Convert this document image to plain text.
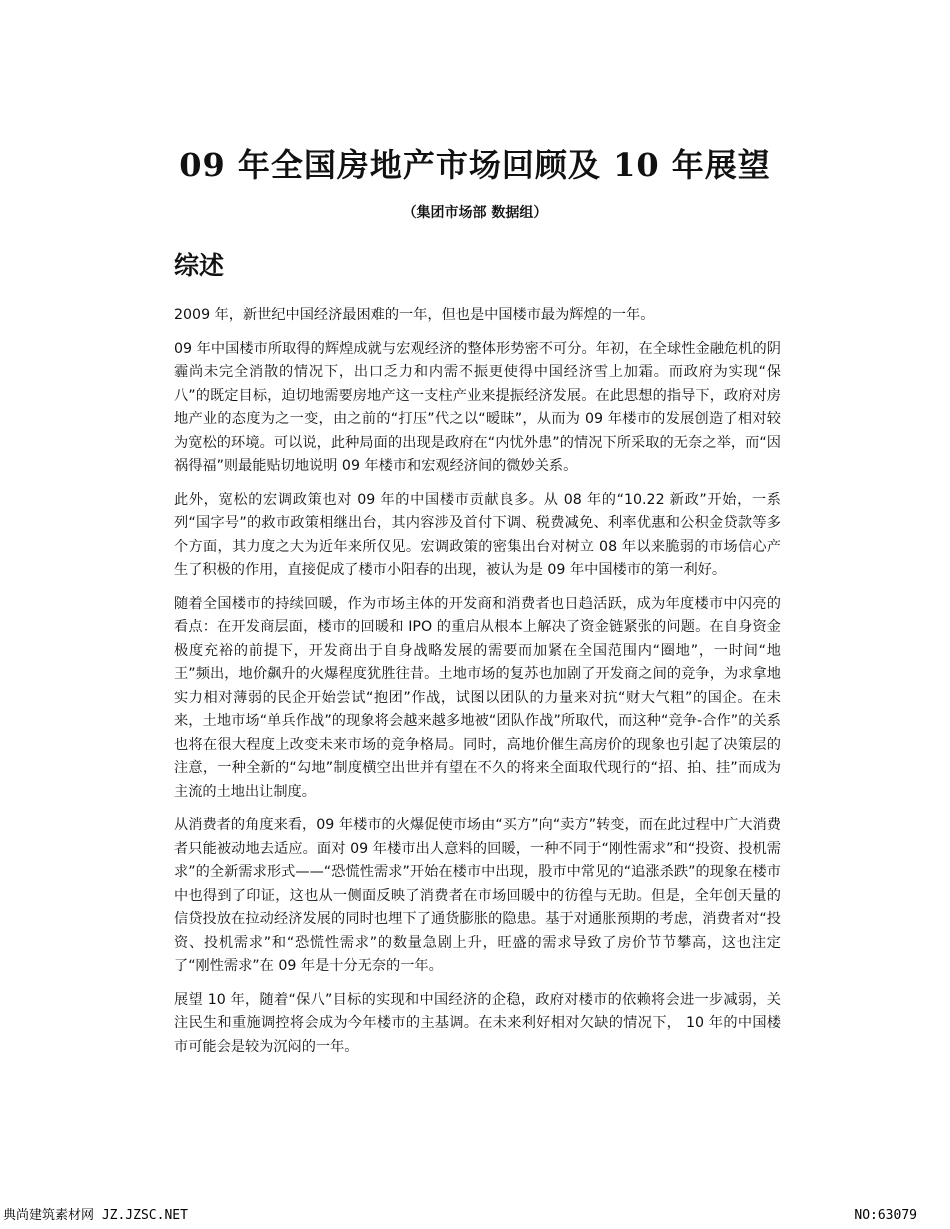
09 年全国房地产市场回顾及 10 年展望
（集团市场部 数据组）
综述

2009 年，新世纪中国经济最困难的一年，但也是中国楼市最为辉煌的一年。

09 年中国楼市所取得的辉煌成就与宏观经济的整体形势密不可分。年初，在全球性金融危机的阴霾尚未完全消散的情况下，出口乏力和内需不振更使得中国经济雪上加霜。而政府为实现“保八”的既定目标，迫切地需要房地产这一支柱产业来提振经济发展。在此思想的指导下，政府对房地产业的态度为之一变，由之前的“打压”代之以“暧昧”，从而为 09 年楼市的发展创造了相对较为宽松的环境。可以说，此种局面的出现是政府在“内忧外患”的情况下所采取的无奈之举，而“因祸得福”则最能贴切地说明 09 年楼市和宏观经济间的微妙关系。

此外，宽松的宏调政策也对 09 年的中国楼市贡献良多。从 08 年的“10.22 新政”开始，一系列“国字号”的救市政策相继出台，其内容涉及首付下调、税费减免、利率优惠和公积金贷款等多个方面，其力度之大为近年来所仅见。宏调政策的密集出台对树立 08 年以来脆弱的市场信心产生了积极的作用，直接促成了楼市小阳春的出现，被认为是 09 年中国楼市的第一利好。

随着全国楼市的持续回暖，作为市场主体的开发商和消费者也日趋活跃，成为年度楼市中闪亮的看点：在开发商层面，楼市的回暖和 IPO 的重启从根本上解决了资金链紧张的问题。在自身资金极度充裕的前提下，开发商出于自身战略发展的需要而加紧在全国范围内“圈地”，一时间“地王”频出，地价飙升的火爆程度犹胜往昔。土地市场的复苏也加剧了开发商之间的竞争，为求拿地实力相对薄弱的民企开始尝试“抱团”作战，试图以团队的力量来对抗“财大气粗”的国企。在未来，土地市场“单兵作战”的现象将会越来越多地被“团队作战”所取代，而这种“竞争-合作”的关系也将在很大程度上改变未来市场的竞争格局。同时，高地价催生高房价的现象也引起了决策层的注意，一种全新的“勾地”制度横空出世并有望在不久的将来全面取代现行的“招、拍、挂”而成为主流的土地出让制度。

从消费者的角度来看，09 年楼市的火爆促使市场由“买方”向“卖方”转变，而在此过程中广大消费者只能被动地去适应。面对 09 年楼市出人意料的回暖，一种不同于“刚性需求”和“投资、投机需求”的全新需求形式——“恐慌性需求”开始在楼市中出现，股市中常见的“追涨杀跌”的现象在楼市中也得到了印证，这也从一侧面反映了消费者在市场回暖中的彷徨与无助。但是，全年创天量的信贷投放在拉动经济发展的同时也埋下了通货膨胀的隐患。基于对通胀预期的考虑，消费者对“投资、投机需求”和“恐慌性需求”的数量急剧上升，旺盛的需求导致了房价节节攀高，这也注定了“刚性需求”在 09 年是十分无奈的一年。

展望 10 年，随着“保八”目标的实现和中国经济的企稳，政府对楼市的依赖将会进一步减弱，关注民生和重施调控将会成为今年楼市的主基调。在未来利好相对欠缺的情况下， 10 年的中国楼市可能会是较为沉闷的一年。

典尚建筑素材网 JZ.JZSC.NET	NO:63079
